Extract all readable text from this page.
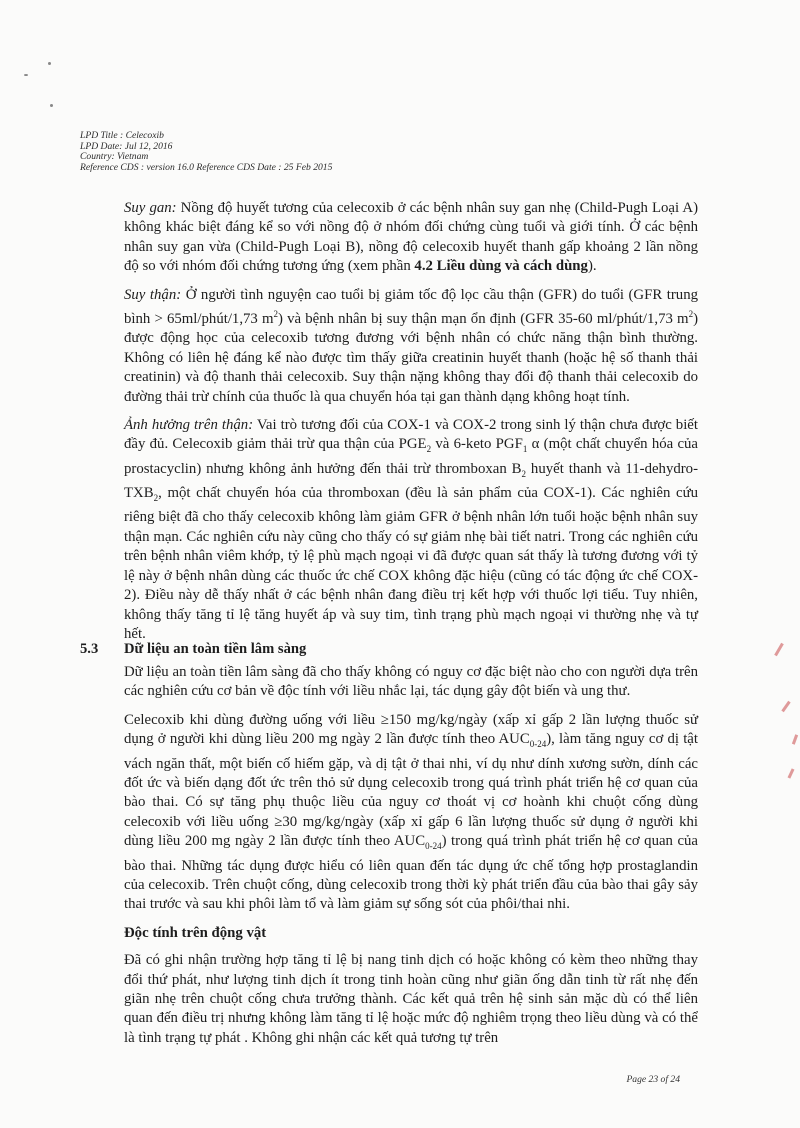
LPD Title : Celecoxib
LPD Date: Jul 12, 2016
Country: Vietnam
Reference CDS : version 16.0 Reference CDS Date : 25 Feb 2015

Suy gan: Nồng độ huyết tương của celecoxib ở các bệnh nhân suy gan nhẹ (Child-Pugh Loại A) không khác biệt đáng kể so với nồng độ ở nhóm đối chứng cùng tuổi và giới tính. Ở các bệnh nhân suy gan vừa (Child-Pugh Loại B), nồng độ celecoxib huyết thanh gấp khoảng 2 lần nồng độ so với nhóm đối chứng tương ứng (xem phần 4.2 Liều dùng và cách dùng).

Suy thận: Ở người tình nguyện cao tuổi bị giảm tốc độ lọc cầu thận (GFR) do tuổi (GFR trung bình > 65ml/phút/1,73 $m^2$) và bệnh nhân bị suy thận mạn ổn định (GFR 35-60 ml/phút/1,73 $m^2$) được động học của celecoxib tương đương với bệnh nhân có chức năng thận bình thường. Không có liên hệ đáng kể nào được tìm thấy giữa creatinin huyết thanh (hoặc hệ số thanh thải creatinin) và độ thanh thải celecoxib. Suy thận nặng không thay đổi độ thanh thải celecoxib do đường thải trừ chính của thuốc là qua chuyển hóa tại gan thành dạng không hoạt tính.

Ảnh hưởng trên thận: Vai trò tương đối của COX-1 và COX-2 trong sinh lý thận chưa được biết đầy đủ. Celecoxib giảm thải trừ qua thận của $PGE_2$ và 6-keto $PGF_1$ α (một chất chuyển hóa của prostacyclin) nhưng không ảnh hưởng đến thải trừ thromboxan $B_2$ huyết thanh và $11-dehydro-TXB_2$, một chất chuyển hóa của thromboxan (đều là sản phẩm của COX-1). Các nghiên cứu riêng biệt đã cho thấy celecoxib không làm giảm GFR ở bệnh nhân lớn tuổi hoặc bệnh nhân suy thận mạn. Các nghiên cứu này cũng cho thấy có sự giảm nhẹ bài tiết natri. Trong các nghiên cứu trên bệnh nhân viêm khớp, tỷ lệ phù mạch ngoại vi đã được quan sát thấy là tương đương với tỷ lệ này ở bệnh nhân dùng các thuốc ức chế COX không đặc hiệu (cũng có tác động ức chế COX-2). Điều này dễ thấy nhất ở các bệnh nhân đang điều trị kết hợp với thuốc lợi tiểu. Tuy nhiên, không thấy tăng tỉ lệ tăng huyết áp và suy tim, tình trạng phù mạch ngoại vi thường nhẹ và tự hết.

5.3 Dữ liệu an toàn tiền lâm sàng

Dữ liệu an toàn tiền lâm sàng đã cho thấy không có nguy cơ đặc biệt nào cho con người dựa trên các nghiên cứu cơ bản về độc tính với liều nhắc lại, tác dụng gây đột biến và ung thư.

Celecoxib khi dùng đường uống với liều ≥150 mg/kg/ngày (xấp xỉ gấp 2 lần lượng thuốc sử dụng ở người khi dùng liều 200 mg ngày 2 lần được tính theo $AUC_{0-24}$), làm tăng nguy cơ dị tật vách ngăn thất, một biến cố hiếm gặp, và dị tật ở thai nhi, ví dụ như dính xương sườn, dính các đốt ức và biến dạng đốt ức trên thỏ sử dụng celecoxib trong quá trình phát triển hệ cơ quan của bào thai. Có sự tăng phụ thuộc liều của nguy cơ thoát vị cơ hoành khi chuột cống dùng celecoxib với liều uống ≥30 mg/kg/ngày (xấp xỉ gấp 6 lần lượng thuốc sử dụng ở người khi dùng liều 200 mg ngày 2 lần được tính theo $AUC_{0-24}$) trong quá trình phát triển hệ cơ quan của bào thai. Những tác dụng được hiểu có liên quan đến tác dụng ức chế tổng hợp prostaglandin của celecoxib. Trên chuột cống, dùng celecoxib trong thời kỳ phát triển đầu của bào thai gây sảy thai trước và sau khi phôi làm tổ và làm giảm sự sống sót của phôi/thai nhi.

Độc tính trên động vật

Đã có ghi nhận trường hợp tăng tỉ lệ bị nang tinh dịch có hoặc không có kèm theo những thay đổi thứ phát, như lượng tinh dịch ít trong tinh hoàn cũng như giãn ống dẫn tinh từ rất nhẹ đến giãn nhẹ trên chuột cống chưa trưởng thành. Các kết quả trên hệ sinh sản mặc dù có thể liên quan đến điều trị nhưng không làm tăng tỉ lệ hoặc mức độ nghiêm trọng theo liều dùng và có thể là tình trạng tự phát . Không ghi nhận các kết quả tương tự trên

Page 23 of 24
